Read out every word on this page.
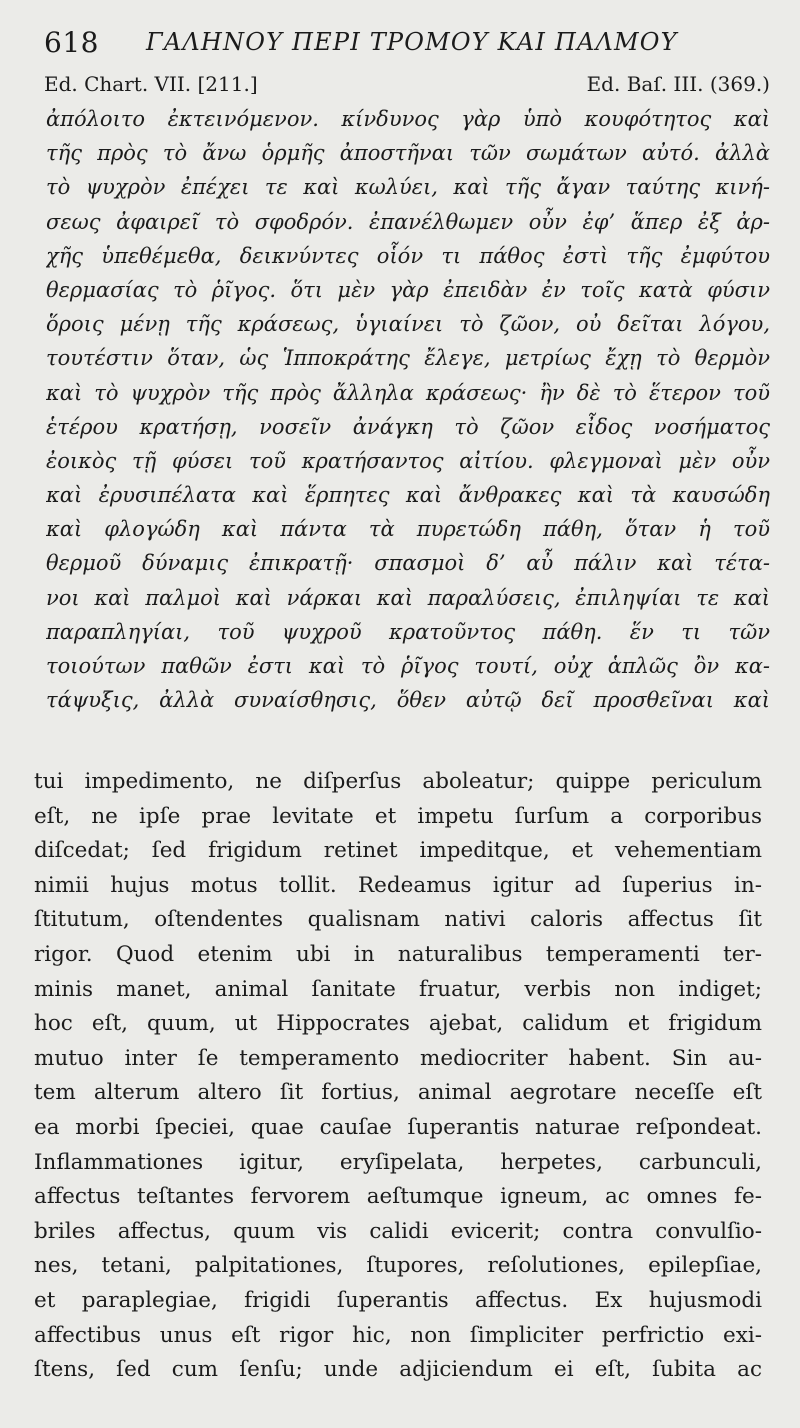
618 ΓΑΛΗΝΟΥ ΠΕΡΙ ΤΡΟΜΟΥ ΚΑΙ ΠΑΛΜΟΥ
Ed. Chart. VII. [211.]	Ed. Baſ. III. (369.)
ἀπόλοιτο ἐκτεινόμενον. κίνδυνος γὰρ ὑπὸ κουφότητος καὶ
τῆς πρὸς τὸ ἄνω ὁρμῆς ἀποστῆναι τῶν σωμάτων αὐτό. ἀλλὰ
τὸ ψυχρὸν ἐπέχει τε καὶ κωλύει, καὶ τῆς ἄγαν ταύτης κινή-
σεως ἀφαιρεῖ τὸ σφοδρόν. ἐπανέλθωμεν οὖν ἐφ’ ἅπερ ἐξ ἀρ-
χῆς ὑπεθέμεθα, δεικνύντες οἷόν τι πάθος ἐστὶ τῆς ἐμφύτου
θερμασίας τὸ ῥῖγος. ὅτι μὲν γὰρ ἐπειδὰν ἐν τοῖς κατὰ φύσιν
ὅροις μένῃ τῆς κράσεως, ὑγιαίνει τὸ ζῶον, οὐ δεῖται λόγου,
τουτέστιν ὅταν, ὡς Ἱπποκράτης ἔλεγε, μετρίως ἔχῃ τὸ θερμὸν
καὶ τὸ ψυχρὸν τῆς πρὸς ἄλληλα κράσεως· ἢν δὲ τὸ ἕτερον τοῦ
ἑτέρου κρατήσῃ, νοσεῖν ἀνάγκη τὸ ζῶον εἶδος νοσήματος
ἐοικὸς τῇ φύσει τοῦ κρατήσαντος αἰτίου. φλεγμοναὶ μὲν οὖν
καὶ ἐρυσιπέλατα καὶ ἕρπητες καὶ ἄνθρακες καὶ τὰ καυσώδη
καὶ φλογώδη καὶ πάντα τὰ πυρετώδη πάθη, ὅταν ἡ τοῦ
θερμοῦ δύναμις ἐπικρατῇ· σπασμοὶ δ’ αὖ πάλιν καὶ τέτα-
νοι καὶ παλμοὶ καὶ νάρκαι καὶ παραλύσεις, ἐπιληψίαι τε καὶ
παραπληγίαι, τοῦ ψυχροῦ κρατοῦντος πάθη. ἕν τι τῶν
τοιούτων παθῶν ἐστι καὶ τὸ ῥῖγος τουτί, οὐχ ἁπλῶς ὂν κα-
τάψυξις, ἀλλὰ συναίσθησις, ὅθεν αὐτῷ δεῖ προσθεῖναι καὶ
tui impedimento, ne diſperſus aboleatur; quippe periculum
eſt, ne ipſe prae levitate et impetu ſurſum a corporibus
diſcedat; ſed frigidum retinet impeditque, et vehementiam
nimii hujus motus tollit. Redeamus igitur ad ſuperius in-
ſtitutum, oſtendentes qualisnam nativi caloris affectus ſit
rigor. Quod etenim ubi in naturalibus temperamenti ter-
minis manet, animal ſanitate fruatur, verbis non indiget;
hoc eſt, quum, ut Hippocrates ajebat, calidum et frigidum
mutuo inter ſe temperamento mediocriter habent. Sin au-
tem alterum altero ſit fortius, animal aegrotare neceſſe eſt
ea morbi ſpeciei, quae cauſae ſuperantis naturae reſpondeat.
Inflammationes igitur, eryſipelata, herpetes, carbunculi,
affectus teſtantes fervorem aeſtumque igneum, ac omnes fe-
briles affectus, quum vis calidi evicerit; contra convulſio-
nes, tetani, palpitationes, ſtupores, reſolutiones, epilepſiae,
et paraplegiae, frigidi ſuperantis affectus. Ex hujusmodi
affectibus unus eſt rigor hic, non ſimpliciter perfrictio exi-
ſtens, ſed cum ſenſu; unde adjiciendum ei eſt, ſubita ac
